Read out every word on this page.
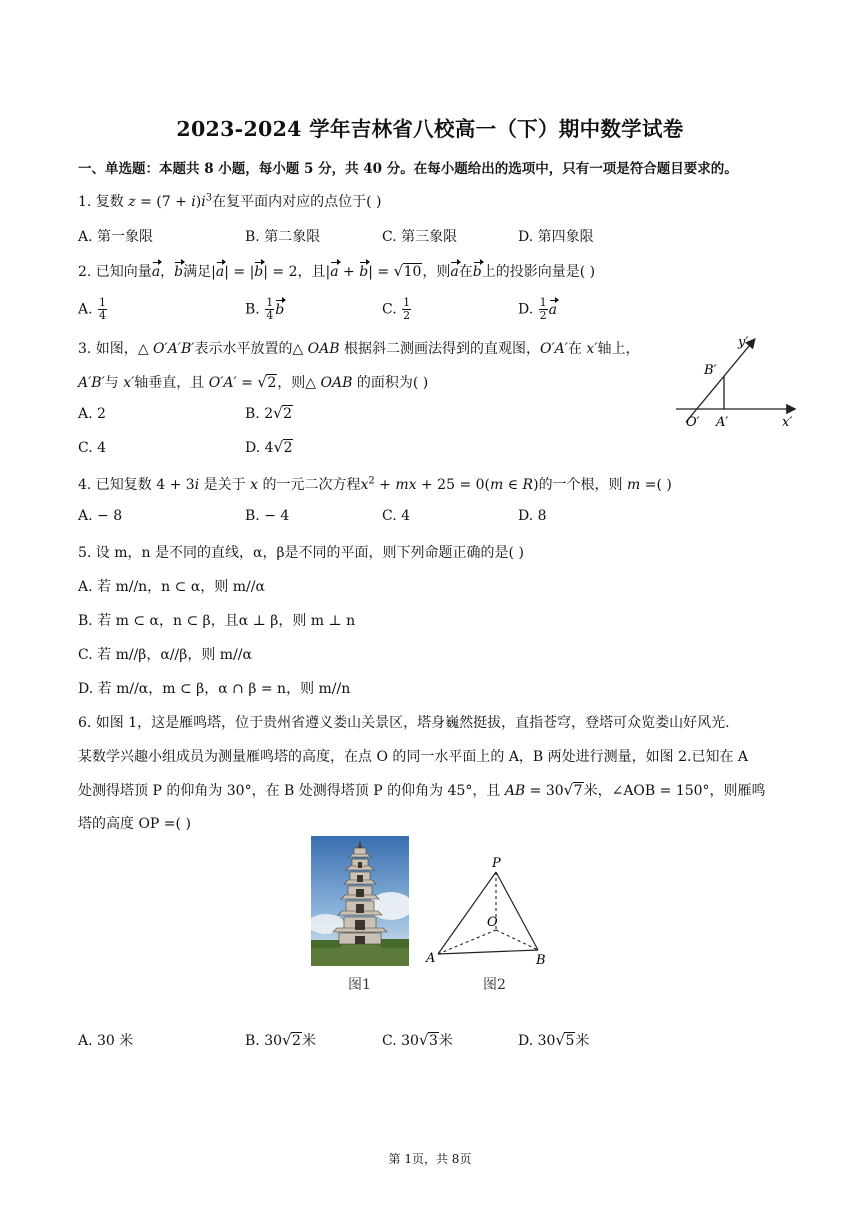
2023-2024 学年吉林省八校高一（下）期中数学试卷
一、单选题：本题共 8 小题，每小题 5 分，共 40 分。在每小题给出的选项中，只有一项是符合题目要求的。
1. 复数 $z = (7 + i)i^3$在复平面内对应的点位于( )
A. 第一象限	B. 第二象限	C. 第三象限	D. 第四象限
2. 已知向量a，b满足|a| = |b| = 2，且|a + b| = √ 10，则a在b上的投影向量是( )
A. $\frac{1}{4}$	B. $\frac{1}{4}$ b	C. $\frac{1}{2}$	D. $\frac{1}{2}$ a
3. 如图，△ O′A′B′表示水平放置的△ OAB 根据斜二测画法得到的直观图，O′A′在 x′轴上，
A′B′与 x′轴垂直，且 O′A′ = √ 2，则△ OAB 的面积为( )
A. 2	B. 2 √ 2
C. 4	D. 4 √ 2
y′
B′
O′ A′	x′
4. 已知复数 4 + 3i 是关于 x 的一元二次方程$x^2$ + mx + 25 = 0(m ∈ R)的一个根，则 m =( )
A. − 8	B. − 4	C. 4	D. 8
5. 设 m，n 是不同的直线，α，β是不同的平面，则下列命题正确的是( )
A. 若 m//n，n ⊂ α，则 m//α
B. 若 m ⊂ α，n ⊂ β，且α ⊥ β，则 m ⊥ n
C. 若 m//β，α//β，则 m//α
D. 若 m//α，m ⊂ β，α ∩ β = n，则 m//n
6. 如图 1，这是雁鸣塔，位于贵州省遵义娄山关景区，塔身巍然挺拔，直指苍穹，登塔可众览娄山好风光.
某数学兴趣小组成员为测量雁鸣塔的高度，在点 O 的同一水平面上的 A，B 两处进行测量，如图 2.已知在 A
处测得塔顶 P 的仰角为 30°，在 B 处测得塔顶 P 的仰角为 45°，且 AB = 30 √ 7米，∠AOB = 150°，则雁鸣
塔的高度 OP =( )
图1
P
O
A	B
图2
A. 30 米	B. 30 √ 2米	C. 30 √ 3米	D. 30 √ 5米
第 1页，共 8页
